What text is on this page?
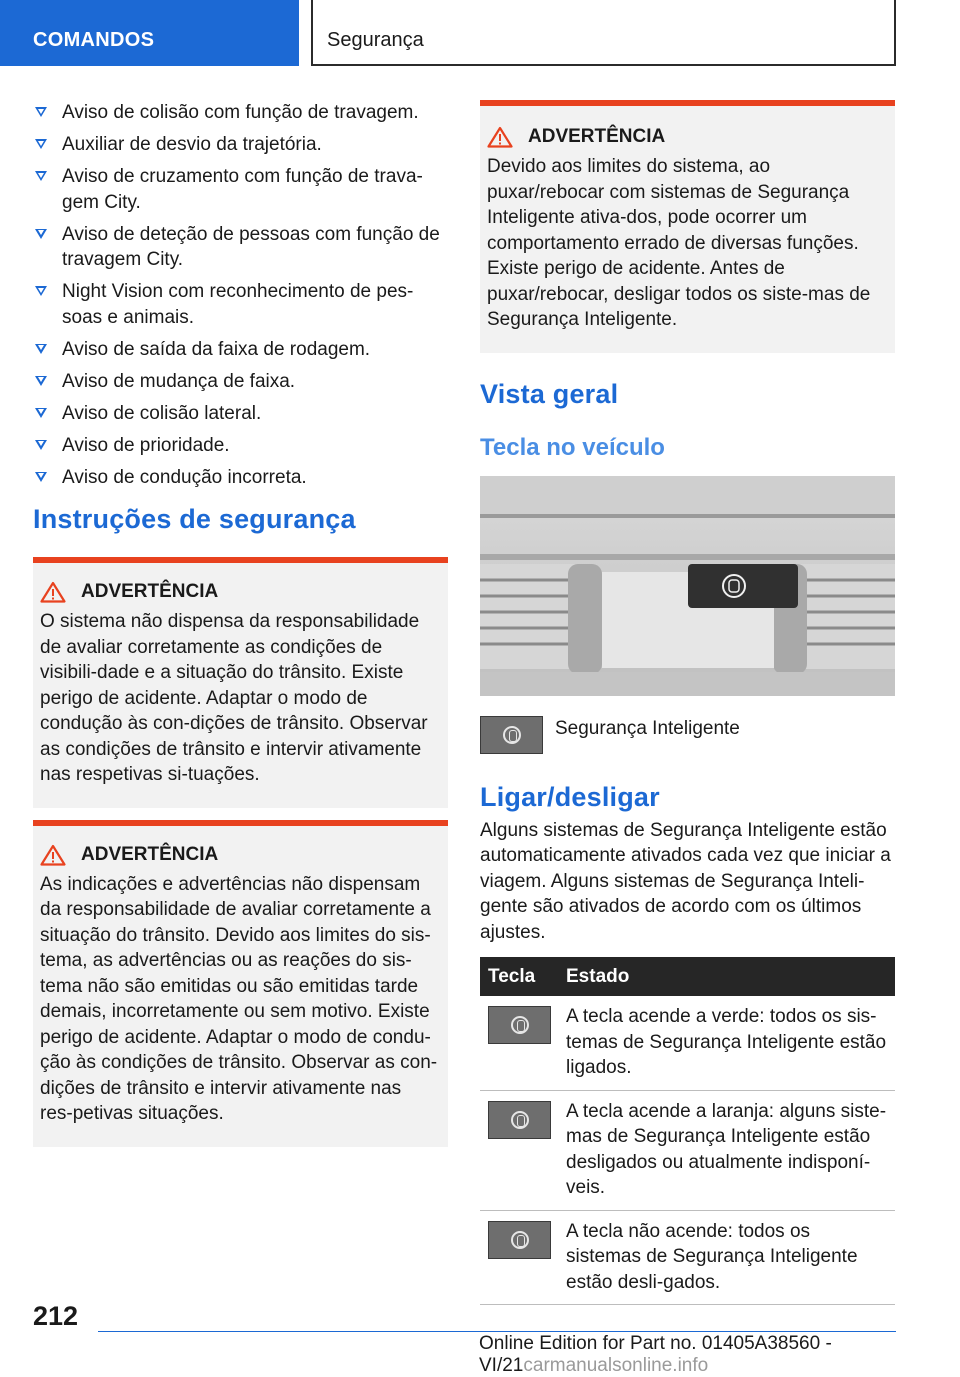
COMANDOS	Segurança
Aviso de colisão com função de travagem.
Auxiliar de desvio da trajetória.
Aviso de cruzamento com função de trava-gem City.
Aviso de deteção de pessoas com função de travagem City.
Night Vision com reconhecimento de pes-soas e animais.
Aviso de saída da faixa de rodagem.
Aviso de mudança de faixa.
Aviso de colisão lateral.
Aviso de prioridade.
Aviso de condução incorreta.
Instruções de segurança
ADVERTÊNCIA
O sistema não dispensa da responsabilidade de avaliar corretamente as condições de visibili-dade e a situação do trânsito. Existe perigo de acidente. Adaptar o modo de condução às con-dições de trânsito. Observar as condições de trânsito e intervir ativamente nas respetivas si-tuações.
ADVERTÊNCIA
As indicações e advertências não dispensam da responsabilidade de avaliar corretamente a situação do trânsito. Devido aos limites do sis-tema, as advertências ou as reações do sis-tema não são emitidas ou são emitidas tarde demais, incorretamente ou sem motivo. Existe perigo de acidente. Adaptar o modo de condu-ção às condições de trânsito. Observar as con-dições de trânsito e intervir ativamente nas res-petivas situações.
ADVERTÊNCIA
Devido aos limites do sistema, ao puxar/rebocar com sistemas de Segurança Inteligente ativa-dos, pode ocorrer um comportamento errado de diversas funções. Existe perigo de acidente. Antes de puxar/rebocar, desligar todos os siste-mas de Segurança Inteligente.
Vista geral
Tecla no veículo
Segurança Inteligente
Ligar/desligar
Alguns sistemas de Segurança Inteligente estão automaticamente ativados cada vez que iniciar a viagem. Alguns sistemas de Segurança Inteli-gente são ativados de acordo com os últimos ajustes.
Tecla	Estado

	A tecla acende a verde: todos os sis-temas de Segurança Inteligente estão ligados.

	A tecla acende a laranja: alguns siste-mas de Segurança Inteligente estão desligados ou atualmente indisponí-veis.

	A tecla não acende: todos os sistemas de Segurança Inteligente estão desli-gados.
212
Online Edition for Part no. 01405A38560 - VI/21carmanualsonline.info
